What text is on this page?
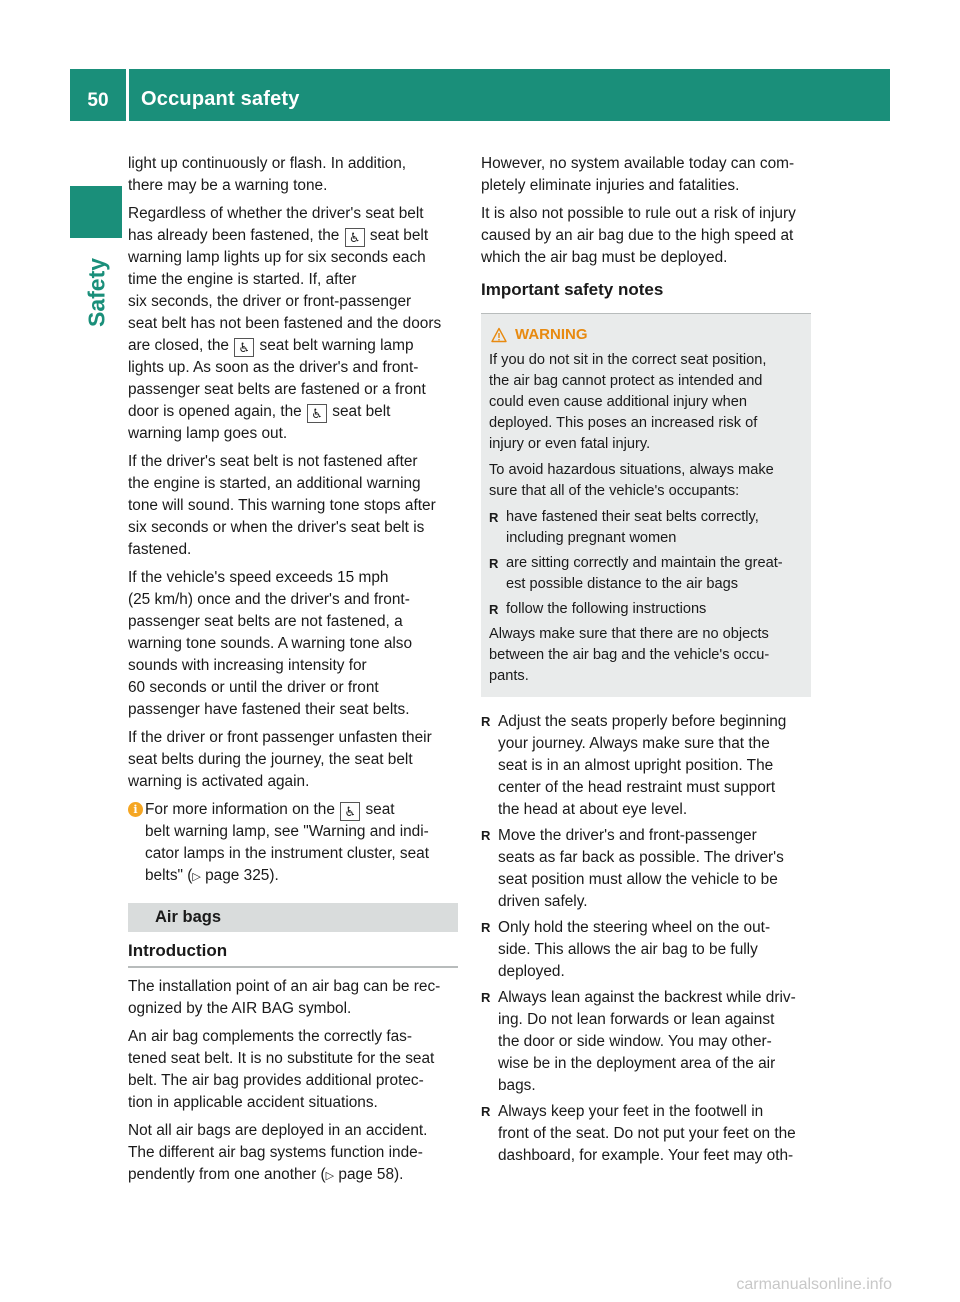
50	Occupant safety
Safety

light up continuously or flash. In addition,
there may be a warning tone.

Regardless of whether the driver's seat belt
has already been fastened, the ♿ seat belt
warning lamp lights up for six seconds each
time the engine is started. If, after
six seconds, the driver or front-passenger
seat belt has not been fastened and the doors
are closed, the ♿ seat belt warning lamp
lights up. As soon as the driver's and front-
passenger seat belts are fastened or a front
door is opened again, the ♿ seat belt
warning lamp goes out.

If the driver's seat belt is not fastened after
the engine is started, an additional warning
tone will sound. This warning tone stops after
six seconds or when the driver's seat belt is
fastened.

If the vehicle's speed exceeds 15 mph
(25 km/h) once and the driver's and front-
passenger seat belts are not fastened, a
warning tone sounds. A warning tone also
sounds with increasing intensity for
60 seconds or until the driver or front
passenger have fastened their seat belts.

If the driver or front passenger unfasten their
seat belts during the journey, the seat belt
warning is activated again.

i For more information on the ♿ seat
belt warning lamp, see "Warning and indi-
cator lamps in the instrument cluster, seat
belts" (▷ page 325).
Air bags
Introduction

The installation point of an air bag can be rec-
ognized by the AIR BAG symbol.

An air bag complements the correctly fas-
tened seat belt. It is no substitute for the seat
belt. The air bag provides additional protec-
tion in applicable accident situations.

Not all air bags are deployed in an accident.
The different air bag systems function inde-
pendently from one another (▷ page 58).

However, no system available today can com-
pletely eliminate injuries and fatalities.

It is also not possible to rule out a risk of injury
caused by an air bag due to the high speed at
which the air bag must be deployed.

Important safety notes
WARNING

If you do not sit in the correct seat position,
the air bag cannot protect as intended and
could even cause additional injury when
deployed. This poses an increased risk of
injury or even fatal injury.

To avoid hazardous situations, always make
sure that all of the vehicle's occupants:

R have fastened their seat belts correctly,
including pregnant women
R are sitting correctly and maintain the great-
est possible distance to the air bags
R follow the following instructions

Always make sure that there are no objects
between the air bag and the vehicle's occu-
pants.

R Adjust the seats properly before beginning
your journey. Always make sure that the
seat is in an almost upright position. The
center of the head restraint must support
the head at about eye level.
R Move the driver's and front-passenger
seats as far back as possible. The driver's
seat position must allow the vehicle to be
driven safely.
R Only hold the steering wheel on the out-
side. This allows the air bag to be fully
deployed.
R Always lean against the backrest while driv-
ing. Do not lean forwards or lean against
the door or side window. You may other-
wise be in the deployment area of the air
bags.
R Always keep your feet in the footwell in
front of the seat. Do not put your feet on the
dashboard, for example. Your feet may oth-
carmanualsonline.info
